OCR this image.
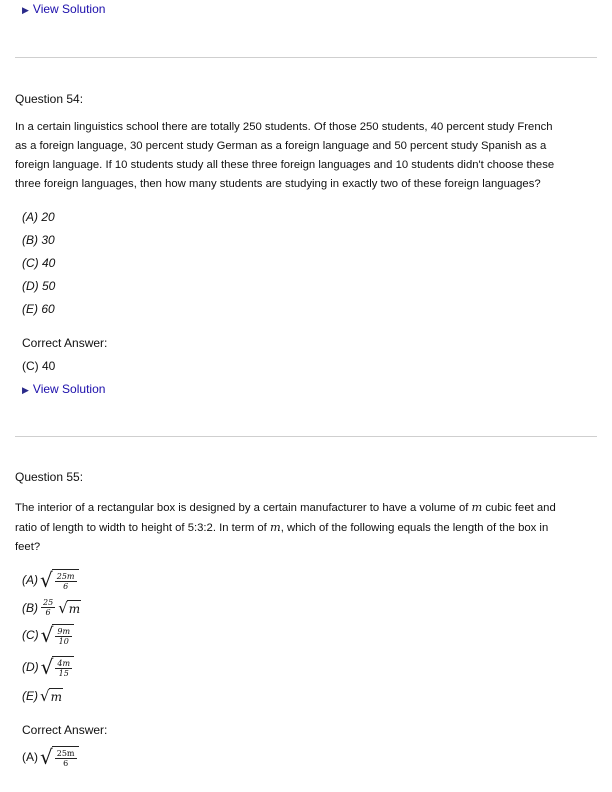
▶ View Solution
Question 54:
In a certain linguistics school there are totally 250 students. Of those 250 students, 40 percent study French
as a foreign language, 30 percent study German as a foreign language and 50 percent study Spanish as a
foreign language. If 10 students study all these three foreign languages and 10 students didn't choose these
three foreign languages, then how many students are studying in exactly two of these foreign languages?
(A) 20
(B) 30
(C) 40
(D) 50
(E) 60
Correct Answer:
(C) 40
▶ View Solution
Question 55:
The interior of a rectangular box is designed by a certain manufacturer to have a volume of m cubic feet and
ratio of length to width to height of 5:3:2. In term of m, which of the following equals the length of the box in
feet?
(A) √ $\frac{25m}{6}$
$(B) \frac{25}{6}$ √ m
(C) √ $\frac{9m}{10}$
(D) √ $\frac{4m}{15}$
(E) √ m
Correct Answer:
(A) √ $\frac{25m}{6}$
